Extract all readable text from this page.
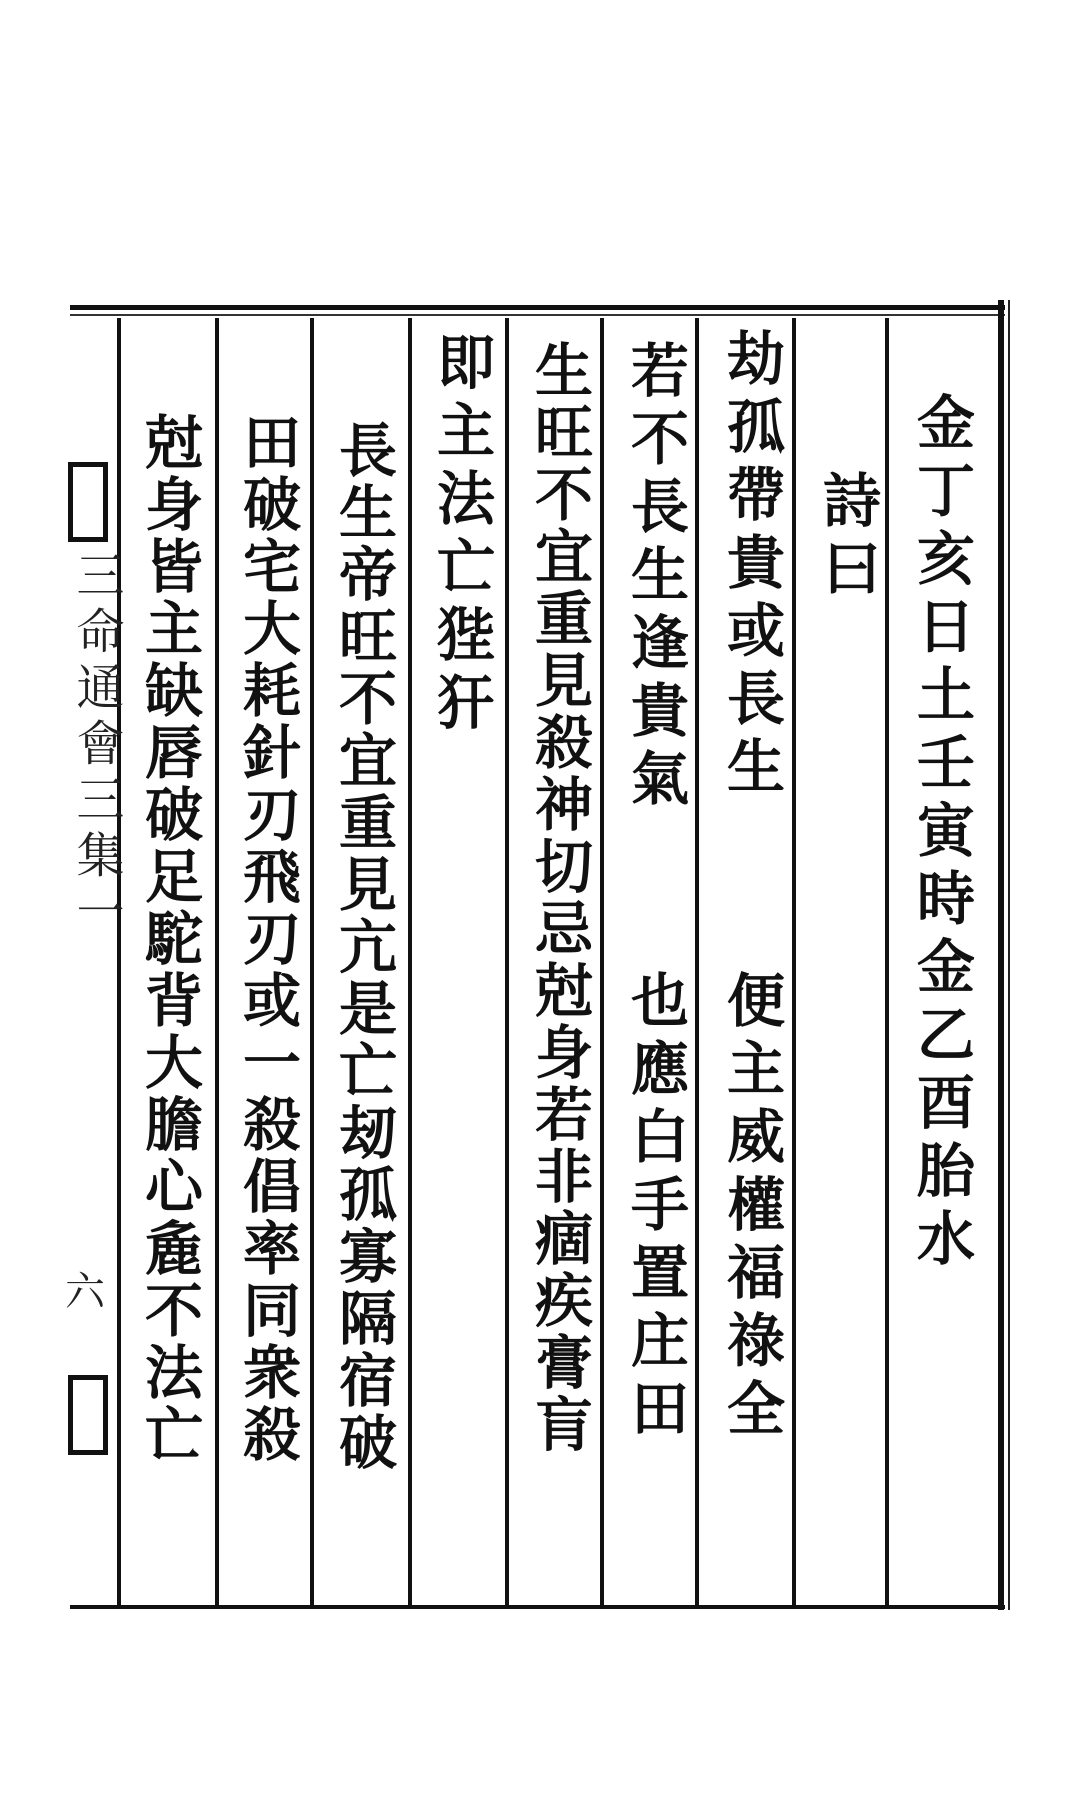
金丁亥日土壬寅時金乙酉胎水
詩曰
劫孤帶貴或長生
便主威權福祿全
若不長生逢貴氣
也應白手置庄田
生旺不宜重見殺神切忌尅身若非痼疾膏肓
即主法亡狴犴
長生帝旺不宜重見亢是亡刼孤寡隔宿破
田破宅大耗針刃飛刃或一殺倡率同衆殺
尅身皆主缺唇破足駝背大膽心麁不法亡
三命通會三集一
六
